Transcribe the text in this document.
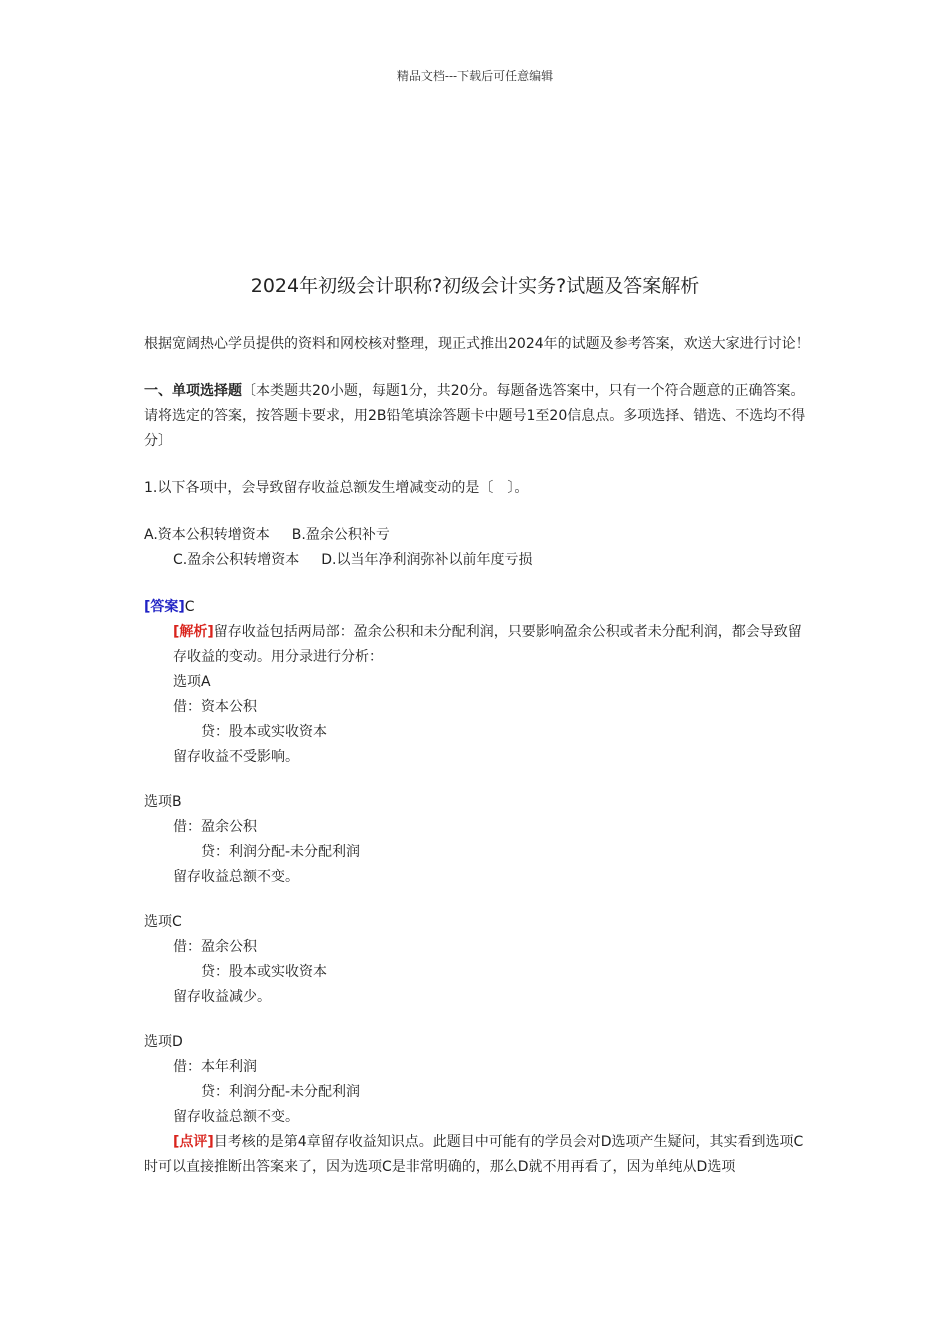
精品文档---下载后可任意编辑
2024年初级会计职称?初级会计实务?试题及答案解析

根据宽阔热心学员提供的资料和网校核对整理，现正式推出2024年的试题及参考答案，欢送大家进行讨论！

一、单项选择题〔本类题共20小题，每题1分，共20分。每题备选答案中，只有一个符合题意的正确答案。请将选定的答案，按答题卡要求，用2B铅笔填涂答题卡中题号1至20信息点。多项选择、错选、不选均不得分〕

1.以下各项中，会导致留存收益总额发生增减变动的是〔　〕。

A.资本公积转增资本 B.盈余公积补亏

C.盈余公积转增资本 D.以当年净利润弥补以前年度亏损

[答案]C

[解析]留存收益包括两局部：盈余公积和未分配利润，只要影响盈余公积或者未分配利润，都会导致留存收益的变动。用分录进行分析：

选项A

借：资本公积

贷：股本或实收资本

留存收益不受影响。

选项B

借：盈余公积

贷：利润分配-未分配利润

留存收益总额不变。

选项C

借：盈余公积

贷：股本或实收资本

留存收益减少。

选项D

借：本年利润

贷：利润分配-未分配利润

留存收益总额不变。

[点评]目考核的是第4章留存收益知识点。此题目中可能有的学员会对D选项产生疑问，其实看到选项C时可以直接推断出答案来了，因为选项C是非常明确的，那么D就不用再看了，因为单纯从D选项
